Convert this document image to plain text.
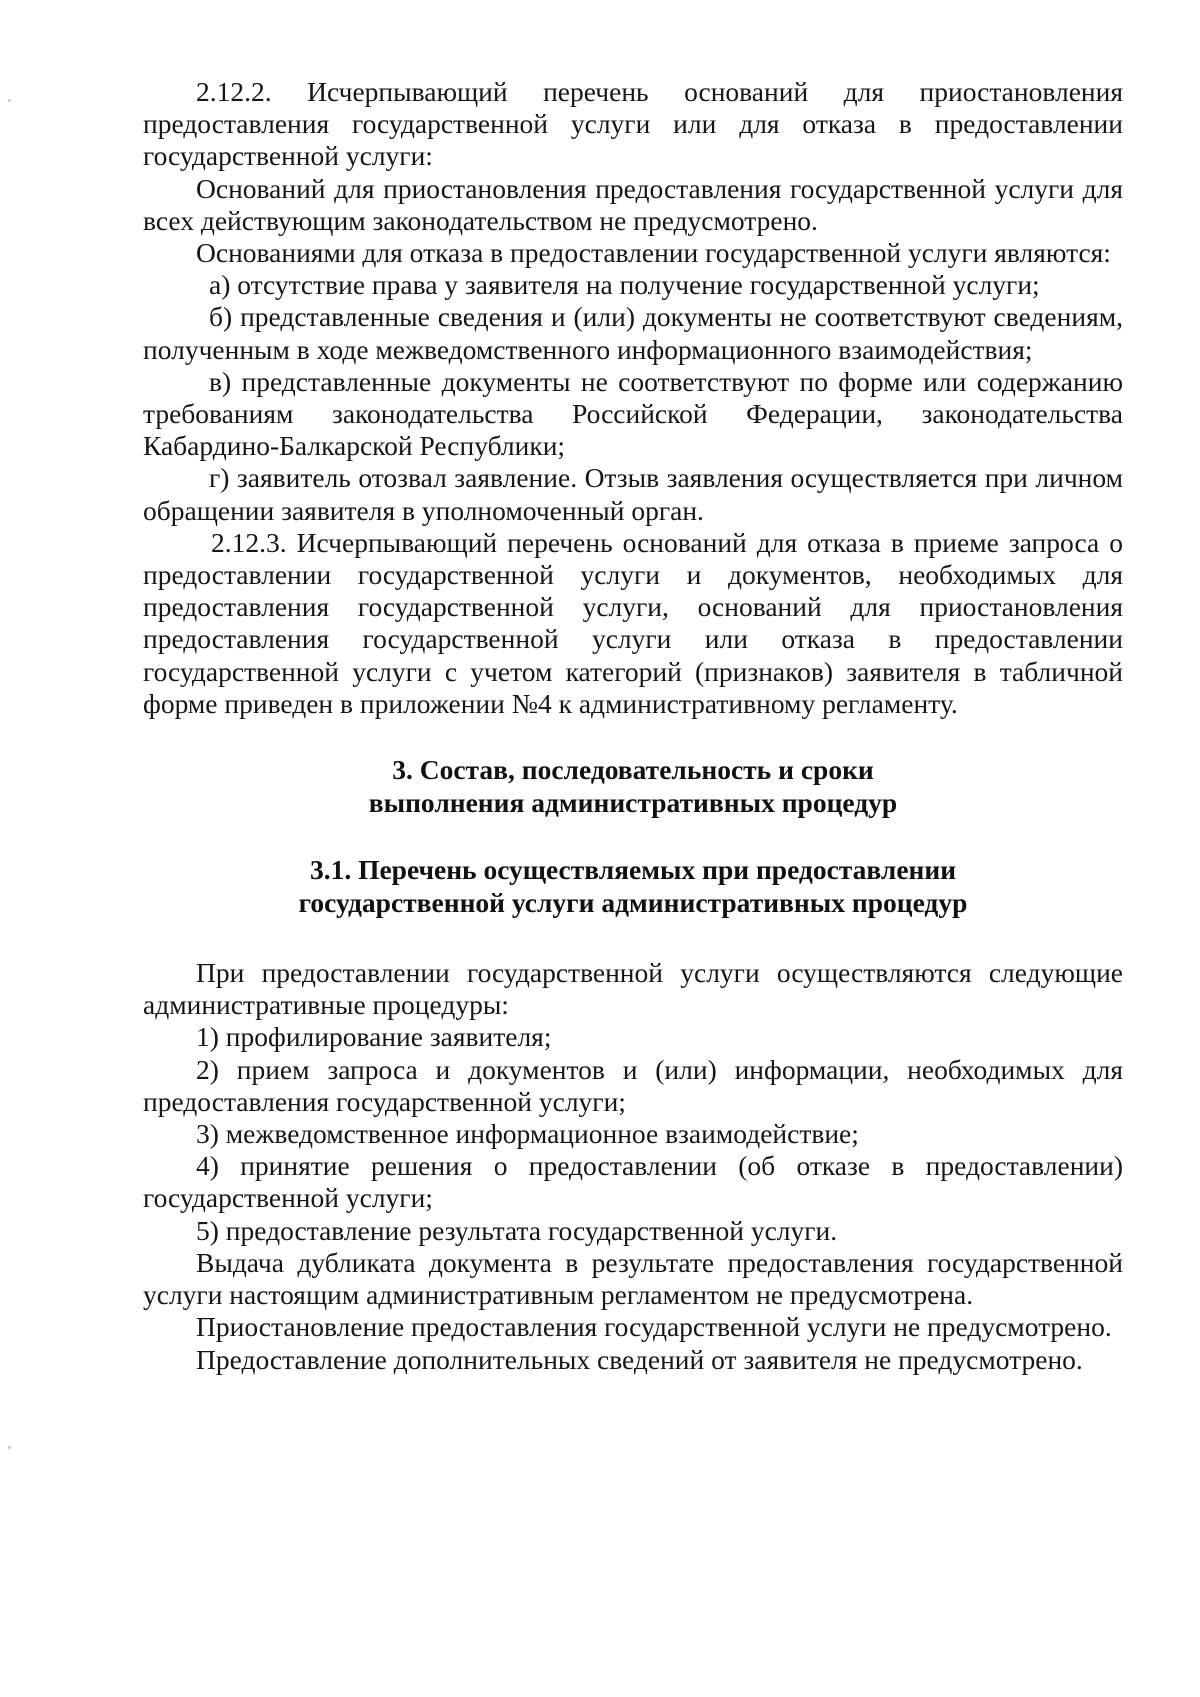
2.12.2. Исчерпывающий перечень оснований для приостановления предоставления государственной услуги или для отказа в предоставлении государственной услуги:

Оснований для приостановления предоставления государственной услуги для всех действующим законодательством не предусмотрено.

Основаниями для отказа в предоставлении государственной услуги являются:

а) отсутствие права у заявителя на получение государственной услуги;

б) представленные сведения и (или) документы не соответствуют сведениям, полученным в ходе межведомственного информационного взаимодействия;

в) представленные документы не соответствуют по форме или содержанию требованиям законодательства Российской Федерации, законодательства Кабардино-Балкарской Республики;

г) заявитель отозвал заявление. Отзыв заявления осуществляется при личном обращении заявителя в уполномоченный орган.

2.12.3. Исчерпывающий перечень оснований для отказа в приеме запроса о предоставлении государственной услуги и документов, необходимых для предоставления государственной услуги, оснований для приостановления предоставления государственной услуги или отказа в предоставлении государственной услуги с учетом категорий (признаков) заявителя в табличной форме приведен в приложении №4 к административному регламенту.

3. Состав, последовательность и сроки
выполнения административных процедур
3.1. Перечень осуществляемых при предоставлении
государственной услуги административных процедур

При предоставлении государственной услуги осуществляются следующие административные процедуры:

1) профилирование заявителя;

2) прием запроса и документов и (или) информации, необходимых для предоставления государственной услуги;

3) межведомственное информационное взаимодействие;

4) принятие решения о предоставлении (об отказе в предоставлении) государственной услуги;

5) предоставление результата государственной услуги.

Выдача дубликата документа в результате предоставления государственной услуги настоящим административным регламентом не предусмотрена.

Приостановление предоставления государственной услуги не предусмотрено.

Предоставление дополнительных сведений от заявителя не предусмотрено.
